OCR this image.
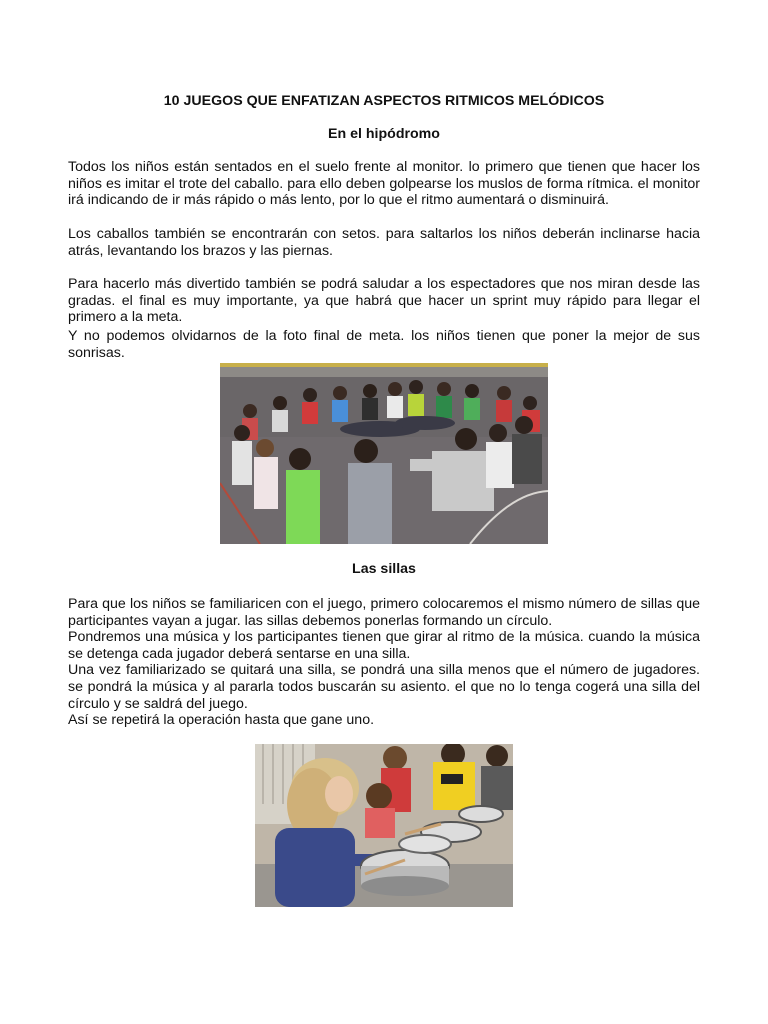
10 JUEGOS QUE ENFATIZAN ASPECTOS RITMICOS MELÓDICOS
En el hipódromo

Todos los niños están sentados en el suelo frente al monitor. lo primero que tienen que hacer los niños es imitar el trote del caballo. para ello deben golpearse los muslos de forma rítmica. el monitor irá indicando de ir más rápido o más lento, por lo que el ritmo aumentará o disminuirá.

Los caballos también se encontrarán con setos. para saltarlos los niños deberán inclinarse hacia atrás, levantando los brazos y las piernas.

Para hacerlo más divertido también se podrá saludar a los espectadores que nos miran desde las gradas. el final es muy importante, ya que habrá que hacer un sprint muy rápido para llegar el primero a la meta.

Y no podemos olvidarnos de la foto final de meta. los niños tienen que poner la mejor de sus sonrisas.

Las sillas

Para que los niños se familiaricen con el juego, primero colocaremos el mismo número de sillas que participantes vayan a jugar. las sillas debemos ponerlas formando un círculo.

Pondremos una música y los participantes tienen que girar al ritmo de la música. cuando la música se detenga cada jugador deberá sentarse en una silla.

Una vez familiarizado se quitará una silla, se pondrá una silla menos que el número de jugadores. se pondrá la música y al pararla todos buscarán su asiento. el que no lo tenga cogerá una silla del círculo y se saldrá del juego.

Así se repetirá la operación hasta que gane uno.
